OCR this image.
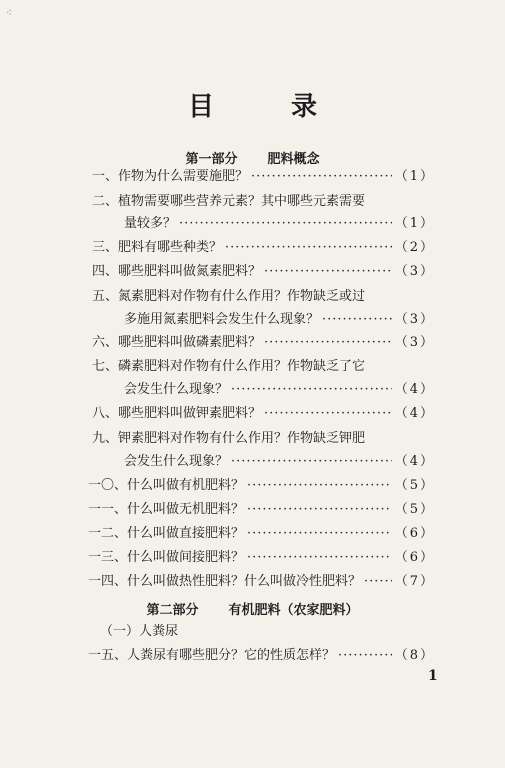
⁖
目 录
第一部分 肥料概念
一、 作物为什么需要施肥？ ·····	（1）
二、植物需要哪些营养元素？其中哪些元素需要
量较多？ ·····	（1）
三、 肥料有哪些种类？ ·····	（2）
四、 哪些肥料叫做氮素肥料？ ·····	（3）
五、氮素肥料对作物有什么作用？作物缺乏或过
多施用氮素肥料会发生什么现象？ ·····	（3）
六、 哪些肥料叫做磷素肥料？ ·····	（3）
七、磷素肥料对作物有什么作用？作物缺乏了它
会发生什么现象？ ·····	（4）
八、 哪些肥料叫做钾素肥料？ ·····	（4）
九、钾素肥料对作物有什么作用？作物缺乏钾肥
会发生什么现象？ ·····	（4）
一〇、 什么叫做有机肥料？ ·····	（5）
一一、 什么叫做无机肥料？ ·····	（5）
一二、 什么叫做直接肥料？ ·····	（6）
一三、 什么叫做间接肥料？ ·····	（6）
一四、 什么叫做热性肥料？什么叫做冷性肥料？ ·····	（7）
第二部分 有机肥料（农家肥料）
（一）人粪尿
一五、 人粪尿有哪些肥分？它的性质怎样？ ·····	（8）
1
